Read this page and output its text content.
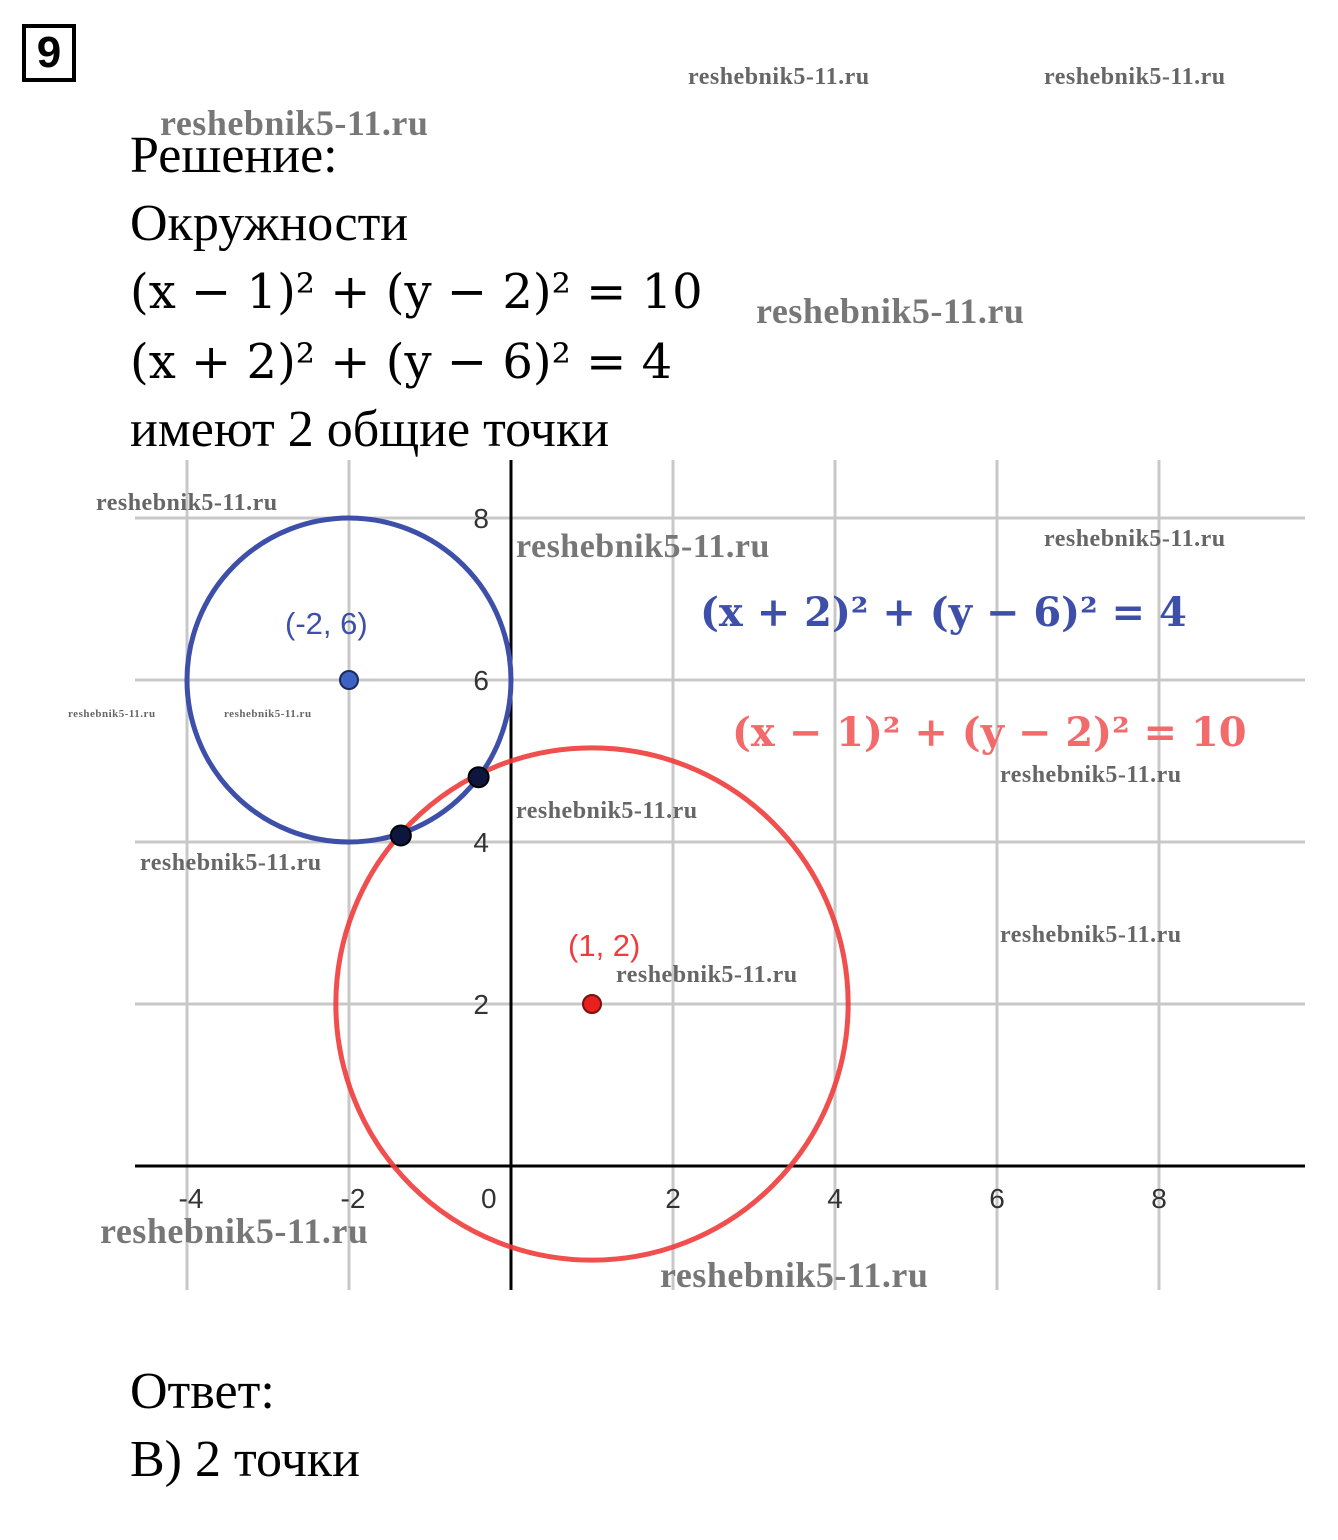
9
Решение:
Окружности
(x − 1)² + (y − 2)² = 10
(x + 2)² + (y − 6)² = 4
имеют 2 общие точки
-4	-2	0	2	4	6	8
2
4
6
8
(-2, 6)
(1, 2)
(x + 2)² + (y − 6)² = 4
(x − 1)² + (y − 2)² = 10
Ответ:
В) 2 точки
reshebnik5-11.ru	reshebnik5-11.ru
reshebnik5-11.ru
reshebnik5-11.ru
reshebnik5-11.ru
reshebnik5-11.ru	reshebnik5-11.ru
reshebnik5-11.ru	reshebnik5-11.ru
reshebnik5-11.ru
reshebnik5-11.ru
reshebnik5-11.ru
reshebnik5-11.ru
reshebnik5-11.ru
reshebnik5-11.ru
reshebnik5-11.ru
